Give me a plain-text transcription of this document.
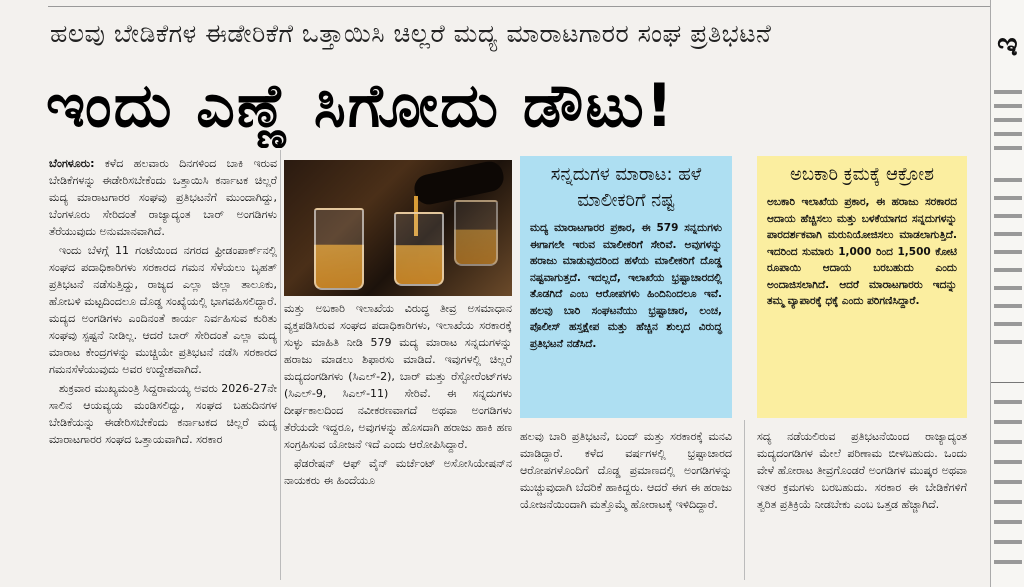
ಹಲವು ಬೇಡಿಕೆಗಳ ಈಡೇರಿಕೆಗೆ ಒತ್ತಾಯಿಸಿ ಚಿಲ್ಲರೆ ಮದ್ಯ ಮಾರಾಟಗಾರರ ಸಂಘ ಪ್ರತಿಭಟನೆ
ಇಂದು ಎಣ್ಣೆ ಸಿಗೋದು ಡೌಟು!

ಬೆಂಗಳೂರು: ಕಳೆದ ಹಲವಾರು ದಿನಗಳಿಂದ ಬಾಕಿ ಇರುವ ಬೇಡಿಕೆಗಳನ್ನು ಈಡೇರಿಸಬೇಕೆಂದು ಒತ್ತಾಯಿಸಿ ಕರ್ನಾಟಕ ಚಿಲ್ಲರೆ ಮದ್ಯ ಮಾರಾಟಗಾರರ ಸಂಘವು ಪ್ರತಿಭಟನೆಗೆ ಮುಂದಾಗಿದ್ದು, ಬೆಂಗಳೂರು ಸೇರಿದಂತೆ ರಾಜ್ಯಾದ್ಯಂತ ಬಾರ್ ಅಂಗಡಿಗಳು ತೆರೆಯುವುದು ಅನುಮಾನವಾಗಿದೆ.

ಇಂದು ಬೆಳಗ್ಗೆ 11 ಗಂಟೆಯಿಂದ ನಗರದ ಫ್ರೀಡಂಪಾರ್ಕ್‌ನಲ್ಲಿ ಸಂಘದ ಪದಾಧಿಕಾರಿಗಳು ಸರಕಾರದ ಗಮನ ಸೆಳೆಯಲು ಬೃಹತ್ ಪ್ರತಿಭಟನೆ ನಡೆಸುತ್ತಿದ್ದು, ರಾಜ್ಯದ ಎಲ್ಲಾ ಜಿಲ್ಲಾ ತಾಲೂಕು, ಹೋಬಳಿ ಮಟ್ಟದಿಂದಲೂ ದೊಡ್ಡ ಸಂಖ್ಯೆಯಲ್ಲಿ ಭಾಗವಹಿಸಲಿದ್ದಾರೆ. ಮದ್ಯದ ಅಂಗಡಿಗಳು ಎಂದಿನಂತೆ ಕಾರ್ಯ ನಿರ್ವಹಿಸುವ ಕುರಿತು ಸಂಘವು ಸ್ಪಷ್ಟನೆ ನೀಡಿಲ್ಲ. ಆದರೆ ಬಾರ್ ಸೇರಿದಂತೆ ಎಲ್ಲಾ ಮದ್ಯ ಮಾರಾಟ ಕೇಂದ್ರಗಳನ್ನು ಮುಚ್ಚಿಯೇ ಪ್ರತಿಭಟನೆ ನಡೆಸಿ ಸರಕಾರದ ಗಮನಸೆಳೆಯುವುದು ಅವರ ಉದ್ದೇಶವಾಗಿದೆ.

ಶುಕ್ರವಾರ ಮುಖ್ಯಮಂತ್ರಿ ಸಿದ್ದರಾಮಯ್ಯ ಅವರು 2026-27ನೇ ಸಾಲಿನ ಆಯವ್ಯಯ ಮಂಡಿಸಲಿದ್ದು, ಸಂಘದ ಬಹುದಿನಗಳ ಬೇಡಿಕೆಯನ್ನು ಈಡೇರಿಸಬೇಕೆಂದು ಕರ್ನಾಟಕದ ಚಿಲ್ಲರೆ ಮದ್ಯ ಮಾರಾಟಗಾರರ ಸಂಘದ ಒತ್ತಾಯವಾಗಿದೆ. ಸರಕಾರ

ಮತ್ತು ಅಬಕಾರಿ ಇಲಾಖೆಯ ವಿರುದ್ಧ ತೀವ್ರ ಅಸಮಾಧಾನ ವ್ಯಕ್ತಪಡಿಸಿರುವ ಸಂಘದ ಪದಾಧಿಕಾರಿಗಳು, ಇಲಾಖೆಯ ಸರಕಾರಕ್ಕೆ ಸುಳ್ಳು ಮಾಹಿತಿ ನೀಡಿ 579 ಮದ್ಯ ಮಾರಾಟ ಸನ್ನದುಗಳನ್ನು ಹರಾಜು ಮಾಡಲು ಶಿಫಾರಸು ಮಾಡಿದೆ. ಇವುಗಳಲ್ಲಿ ಚಿಲ್ಲರೆ ಮದ್ಯದಂಗಡಿಗಳು (ಸಿಎಲ್-2), ಬಾರ್ ಮತ್ತು ರೆಸ್ಟೋರೆಂಟ್‌ಗಳು (ಸಿಎಲ್-9, ಸಿಎಲ್-11) ಸೇರಿವೆ. ಈ ಸನ್ನದುಗಳು ದೀರ್ಘಕಾಲದಿಂದ ನವೀಕರಣವಾಗದೆ ಅಥವಾ ಅಂಗಡಿಗಳು ತೆರೆಯದೇ ಇದ್ದರೂ, ಅವುಗಳನ್ನು ಹೊಸದಾಗಿ ಹರಾಜು ಹಾಕಿ ಹಣ ಸಂಗ್ರಹಿಸುವ ಯೋಜನೆ ಇದೆ ಎಂದು ಆರೋಪಿಸಿದ್ದಾರೆ.

ಫೆಡರೇಷನ್ ಆಫ್ ವೈನ್ ಮರ್ಚೆಂಟ್ ಅಸೋಸಿಯೇಷನ್‌ನ ನಾಯಕರು ಈ ಹಿಂದೆಯೂ

ಸನ್ನದುಗಳ ಮಾರಾಟ: ಹಳೆ ಮಾಲೀಕರಿಗೆ ನಷ್ಟ
ಮದ್ಯ ಮಾರಾಟಗಾರರ ಪ್ರಕಾರ, ಈ 579 ಸನ್ನದುಗಳು ಈಗಾಗಲೇ ಇರುವ ಮಾಲೀಕರಿಗೆ ಸೇರಿವೆ. ಅವುಗಳನ್ನು ಹರಾಜು ಮಾಡುವುದರಿಂದ ಹಳೆಯ ಮಾಲೀಕರಿಗೆ ದೊಡ್ಡ ನಷ್ಟವಾಗುತ್ತದೆ. ಇದಲ್ಲದೆ, ಇಲಾಖೆಯ ಭ್ರಷ್ಟಾಚಾರದಲ್ಲಿ ತೊಡಗಿದೆ ಎಂಬ ಆರೋಪಗಳು ಹಿಂದಿನಿಂದಲೂ ಇವೆ. ಹಲವು ಬಾರಿ ಸಂಘಟನೆಯು ಭ್ರಷ್ಟಾಚಾರ, ಲಂಚ, ಪೊಲೀಸ್ ಹಸ್ತಕ್ಷೇಪ ಮತ್ತು ಹೆಚ್ಚಿನ ಶುಲ್ಕದ ವಿರುದ್ಧ ಪ್ರತಿಭಟನೆ ನಡೆಸಿದೆ.
ಅಬಕಾರಿ ಕ್ರಮಕ್ಕೆ ಆಕ್ರೋಶ
ಅಬಕಾರಿ ಇಲಾಖೆಯ ಪ್ರಕಾರ, ಈ ಹರಾಜು ಸರಕಾರದ ಆದಾಯ ಹೆಚ್ಚಿಸಲು ಮತ್ತು ಬಳಕೆಯಾಗದ ಸನ್ನದುಗಳನ್ನು ಪಾರದರ್ಶಕವಾಗಿ ಮರುನಿಯೋಜಿಸಲು ಮಾಡಲಾಗುತ್ತಿದೆ. ಇದರಿಂದ ಸುಮಾರು 1,000 ರಿಂದ 1,500 ಕೋಟಿ ರೂಪಾಯಿ ಆದಾಯ ಬರಬಹುದು ಎಂದು ಅಂದಾಜಿಸಲಾಗಿದೆ. ಆದರೆ ಮಾರಾಟಗಾರರು ಇದನ್ನು ತಮ್ಮ ವ್ಯಾಪಾರಕ್ಕೆ ಧಕ್ಕೆ ಎಂದು ಪರಿಗಣಿಸಿದ್ದಾರೆ.

ಹಲವು ಬಾರಿ ಪ್ರತಿಭಟನೆ, ಬಂದ್ ಮತ್ತು ಸರಕಾರಕ್ಕೆ ಮನವಿ ಮಾಡಿದ್ದಾರೆ. ಕಳೆದ ವರ್ಷಗಳಲ್ಲಿ ಭ್ರಷ್ಟಾಚಾರದ ಆರೋಪಗಳೊಂದಿಗೆ ದೊಡ್ಡ ಪ್ರಮಾಣದಲ್ಲಿ ಅಂಗಡಿಗಳನ್ನು ಮುಚ್ಚುವುದಾಗಿ ಬೆದರಿಕೆ ಹಾಕಿದ್ದರು. ಆದರೆ ಈಗ ಈ ಹರಾಜು ಯೋಜನೆಯಿಂದಾಗಿ ಮತ್ತೊಮ್ಮೆ ಹೋರಾಟಕ್ಕೆ ಇಳಿದಿದ್ದಾರೆ.

ಸದ್ಯ ನಡೆಯಲಿರುವ ಪ್ರತಿಭಟನೆಯಿಂದ ರಾಜ್ಯಾದ್ಯಂತ ಮದ್ಯದಂಗಡಿಗಳ ಮೇಲೆ ಪರಿಣಾಮ ಬೀಳಬಹುದು. ಒಂದು ವೇಳೆ ಹೋರಾಟ ತೀವ್ರಗೊಂಡರೆ ಅಂಗಡಿಗಳ ಮುಷ್ಕರ ಅಥವಾ ಇತರ ಕ್ರಮಗಳು ಬರಬಹುದು. ಸರಕಾರ ಈ ಬೇಡಿಕೆಗಳಿಗೆ ತ್ವರಿತ ಪ್ರತಿಕ್ರಿಯೆ ನೀಡಬೇಕು ಎಂಬ ಒತ್ತಡ ಹೆಚ್ಚಾಗಿದೆ.

ಇ
